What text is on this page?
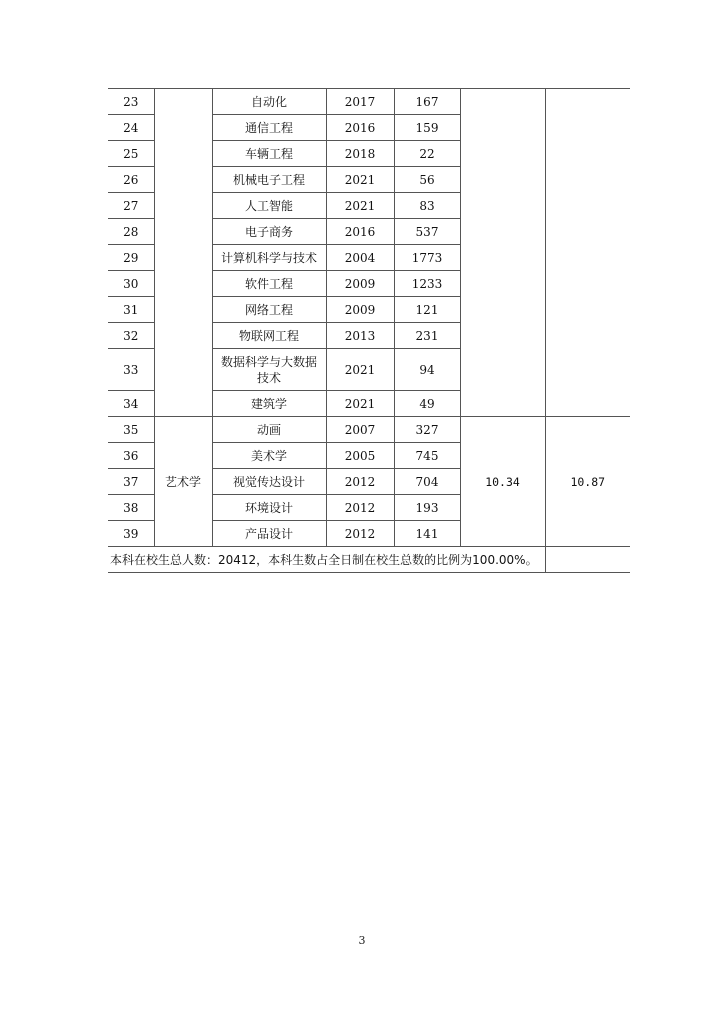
23		自动化	2017	167		
24		通信工程	2016	159		
25		车辆工程	2018	22		
26		机械电子工程	2021	56		
27		人工智能	2021	83		
28		电子商务	2016	537		
29		计算机科学与技术	2004	1773		
30		软件工程	2009	1233		
31		网络工程	2009	121		
32		物联网工程	2013	231		
33		数据科学与大数据技术	2021	94		
34		建筑学	2021	49		
35	艺术学	动画	2007	327	10.34	10.87
36		美术学	2005	745		
37		视觉传达设计	2012	704		
38		环境设计	2012	193		
39		产品设计	2012	141		
本科在校生总人数：20412，本科生数占全日制在校生总数的比例为100.00%。						
3
